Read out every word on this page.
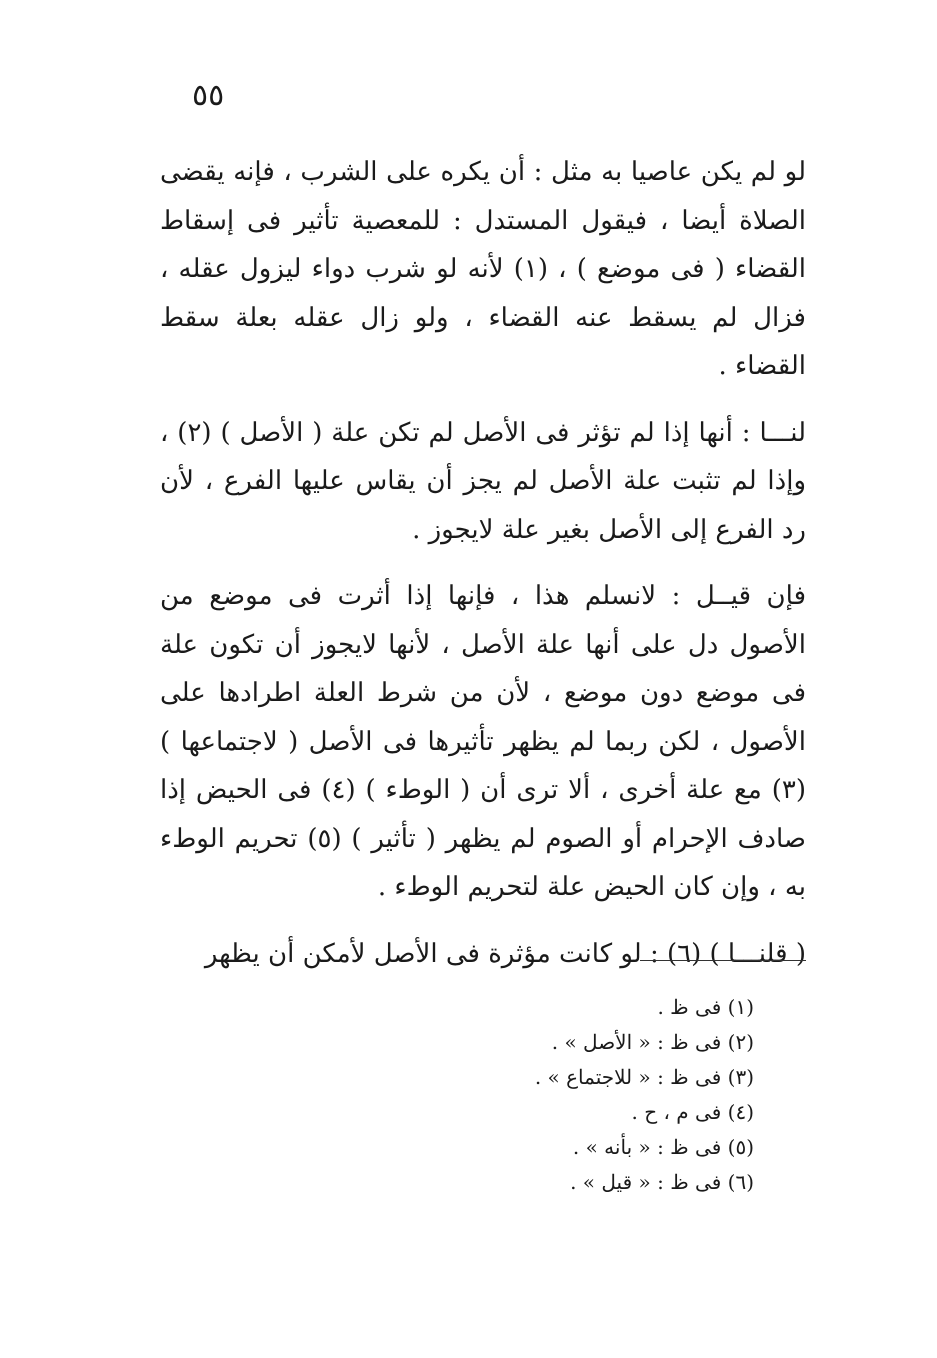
٥٥

لو لم يكن عاصيا به مثل : أن يكره على الشرب ، فإنه يقضى الصلاة أيضا ، فيقول المستدل : للمعصية تأثير فى إسقاط القضاء ( فى موضع ) ، (١) لأنه لو شرب دواء ليزول عقله ، فزال لم يسقط عنه القضاء ، ولو زال عقله بعلة سقط القضاء .

لنـــا : أنها إذا لم تؤثر فى الأصل لم تكن علة ( الأصل ) (٢) ، وإذا لم تثبت علة الأصل لم يجز أن يقاس عليها الفرع ، لأن رد الفرع إلى الأصل بغير علة لايجوز .

فإن قيــل : لانسلم هذا ، فإنها إذا أثرت فى موضع من الأصول دل على أنها علة الأصل ، لأنها لايجوز أن تكون علة فى موضع دون موضع ، لأن من شرط العلة اطرادها على الأصول ، لكن ربما لم يظهر تأثيرها فى الأصل ( لاجتماعها ) (٣) مع علة أخرى ، ألا ترى أن ( الوطء ) (٤) فى الحيض إذا صادف الإحرام أو الصوم لم يظهر ( تأثير ) (٥) تحريم الوطء به ، وإن كان الحيض علة لتحريم الوطء .

( قلنـــا ) (٦) : لو كانت مؤثرة فى الأصل لأمكن أن يظهر

(١) فى ظ .
(٢) فى ظ : « الأصل » .
(٣) فى ظ : « للاجتماع » .
(٤) فى م ، ح .
(٥) فى ظ : « بأنه » .
(٦) فى ظ : « قيل » .
